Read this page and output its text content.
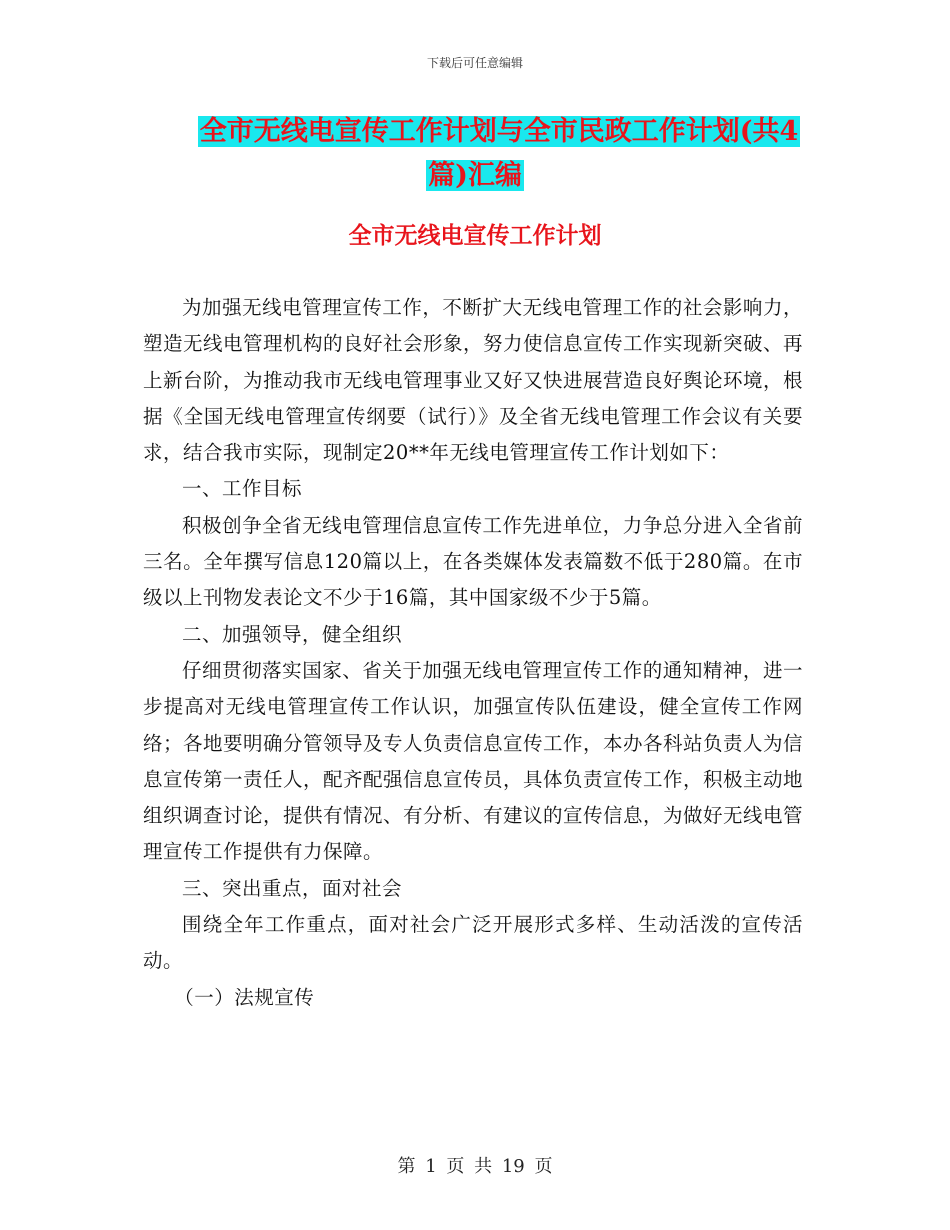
下载后可任意编辑
全市无线电宣传工作计划与全市民政工作计划(共4
篇)汇编
全市无线电宣传工作计划

为加强无线电管理宣传工作，不断扩大无线电管理工作的社会影响力，塑造无线电管理机构的良好社会形象，努力使信息宣传工作实现新突破、再上新台阶，为推动我市无线电管理事业又好又快进展营造良好舆论环境，根据《全国无线电管理宣传纲要（试行）》及全省无线电管理工作会议有关要求，结合我市实际，现制定20**年无线电管理宣传工作计划如下：

一、工作目标

积极创争全省无线电管理信息宣传工作先进单位，力争总分进入全省前三名。全年撰写信息120篇以上，在各类媒体发表篇数不低于280篇。在市级以上刊物发表论文不少于16篇，其中国家级不少于5篇。

二、加强领导，健全组织

仔细贯彻落实国家、省关于加强无线电管理宣传工作的通知精神，进一步提高对无线电管理宣传工作认识，加强宣传队伍建设，健全宣传工作网络；各地要明确分管领导及专人负责信息宣传工作，本办各科站负责人为信息宣传第一责任人，配齐配强信息宣传员，具体负责宣传工作，积极主动地组织调查讨论，提供有情况、有分析、有建议的宣传信息，为做好无线电管理宣传工作提供有力保障。

三、突出重点，面对社会

围绕全年工作重点，面对社会广泛开展形式多样、生动活泼的宣传活动。

（一）法规宣传

第 1 页 共 19 页
